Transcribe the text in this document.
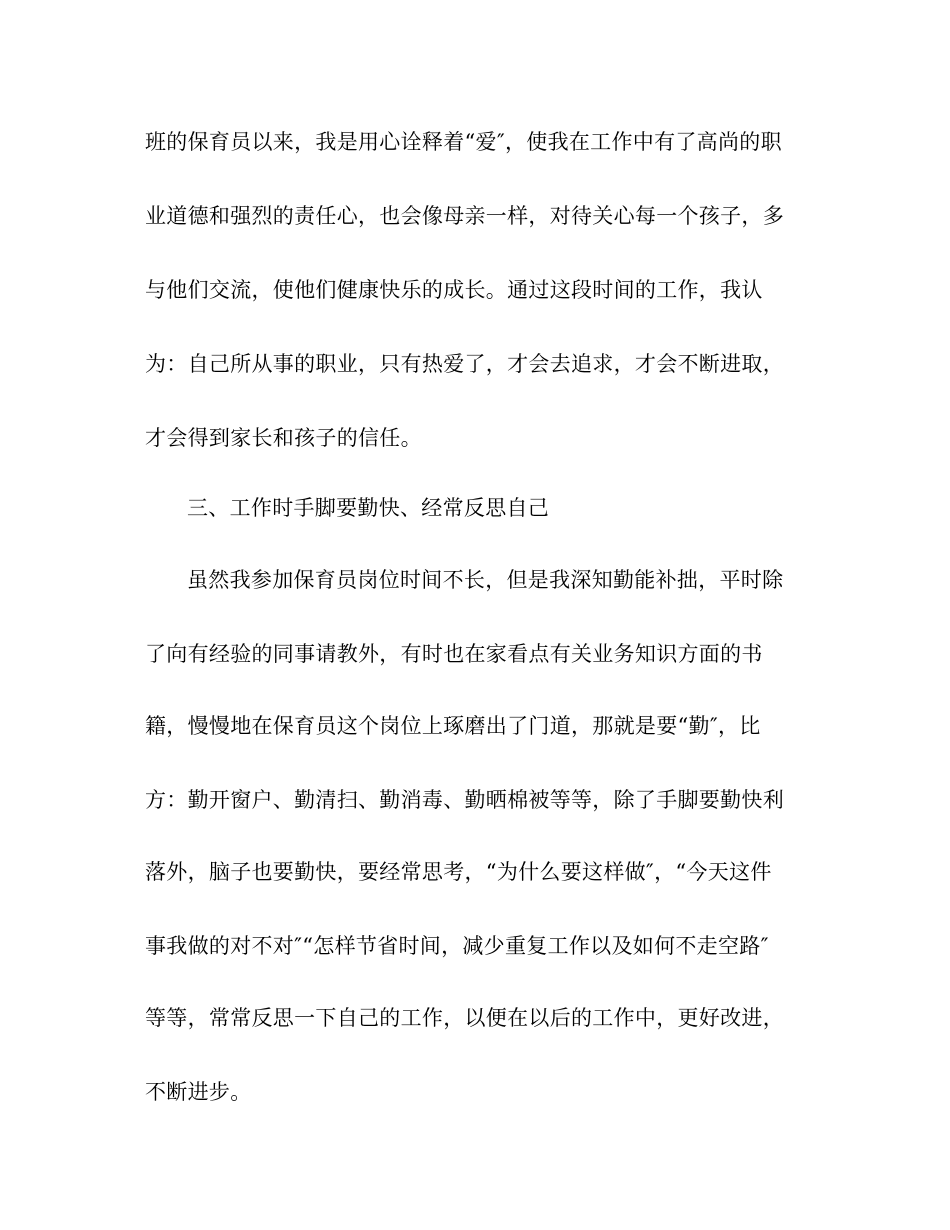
班的保育员以来，我是用心诠释着“爱″，使我在工作中有了高尚的职
业道德和强烈的责任心，也会像母亲一样，对待关心每一个孩子，多
与他们交流，使他们健康快乐的成长。通过这段时间的工作，我认
为：自己所从事的职业，只有热爱了，才会去追求，才会不断进取，
才会得到家长和孩子的信任。
三、工作时手脚要勤快、经常反思自己
虽然我参加保育员岗位时间不长，但是我深知勤能补拙，平时除
了向有经验的同事请教外，有时也在家看点有关业务知识方面的书
籍，慢慢地在保育员这个岗位上琢磨出了门道，那就是要“勤″，比
方：勤开窗户、勤清扫、勤消毒、勤晒棉被等等，除了手脚要勤快利
落外，脑子也要勤快，要经常思考，“为什么要这样做″，“今天这件
事我做的对不对″“怎样节省时间，减少重复工作以及如何不走空路″
等等，常常反思一下自己的工作，以便在以后的工作中，更好改进，
不断进步。
